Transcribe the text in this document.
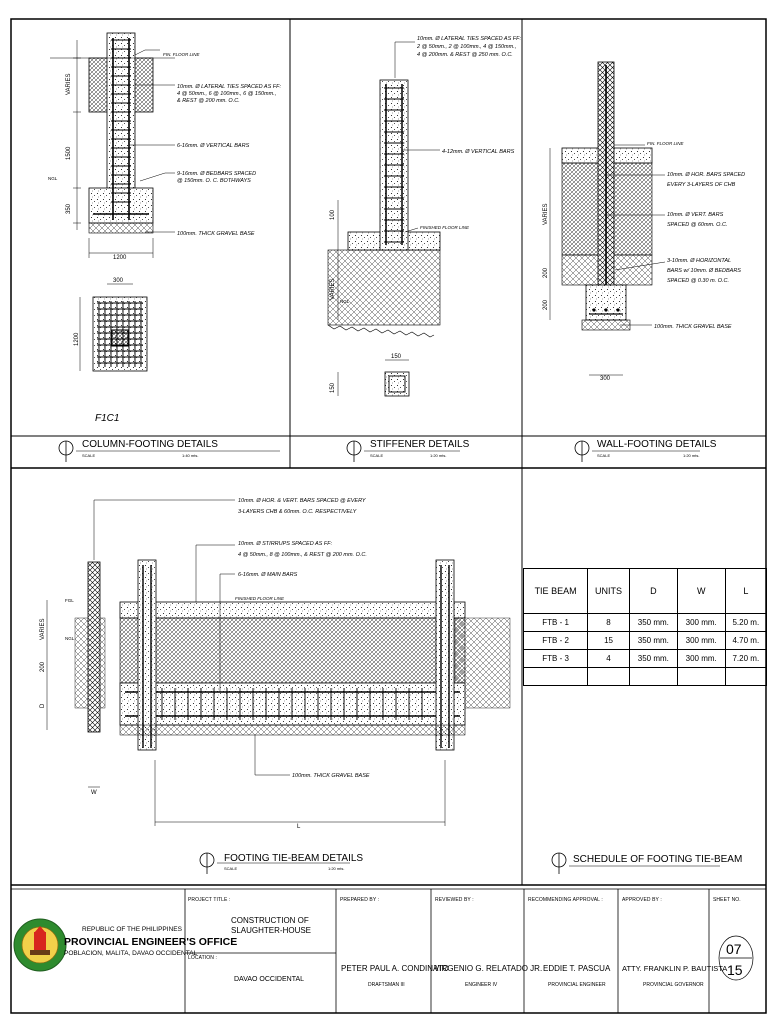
FIN. FLOOR LINE
NGL
10mm. Ø LATERAL TIES SPACED AS FF:
4 @ 50mm., 6 @ 100mm., 6 @ 150mm.,
& REST @ 200 mm. O.C.
6-16mm. Ø VERTICAL BARS
9-16mm. Ø BEDBARS SPACED
@ 150mm. O. C. BOTHWAYS
100mm. THICK GRAVEL BASE
VARIES
1500
350
1200
300
1200
F1C1
10mm. Ø LATERAL TIES SPACED AS FF:
2 @ 50mm., 2 @ 100mm., 4 @ 150mm.,
4 @ 200mm. & REST @ 250 mm. O.C.
4-12mm. Ø VERTICAL BARS
FINISHED FLOOR LINE
NGL
100
VARIES
150
150
FIN. FLOOR LINE
10mm. Ø HOR. BARS SPACED
EVERY 3-LAYERS OF CHB
10mm. Ø VERT. BARS
SPACED @ 60mm. O.C.
3-10mm. Ø HORIZONTAL
BARS w/ 10mm. Ø BEDBARS
SPACED @ 0.30 m. O.C.
100mm. THICK GRAVEL BASE
VARIES
200
200
300
10mm. Ø HOR. & VERT. BARS SPACED @ EVERY
3-LAYERS CHB & 60mm. O.C. RESPECTIVELY
10mm. Ø STIRRUPS SPACED AS FF:
4 @ 50mm., 8 @ 100mm., & REST @ 200 mm. O.C.
6-16mm. Ø MAIN BARS
100mm. THICK GRAVEL BASE
FINISHED FLOOR LINE
FGL
NGL
VARIES
200
D
W
L
COLUMN-FOOTING DETAILS
SCALE	1:40 mts.
STIFFENER DETAILS
SCALE	1:20 mts.
WALL-FOOTING DETAILS
SCALE	1:20 mts.
FOOTING TIE-BEAM DETAILS
SCALE	1:20 mts.
SCHEDULE OF FOOTING TIE-BEAM
TIE BEAM	UNITS	D	W	L
FTB - 1	8	350 mm.	300 mm.	5.20 m.
FTB - 2	15	350 mm.	300 mm.	4.70 m.
FTB - 3	4	350 mm.	300 mm.	7.20 m.

REPUBLIC OF THE PHILIPPINES

PROVINCIAL ENGINEER'S OFFICE

POBLACION, MALITA, DAVAO OCCIDENTAL

PROJECT TITLE :

CONSTRUCTION OF

SLAUGHTER-HOUSE

LOCATION :

DAVAO OCCIDENTAL

PREPARED BY :

PETER PAUL A. CONDINATO

DRAFTSMAN III

REVIEWED BY :

VIRGENIO G. RELATADO JR.

ENGINEER IV

RECOMMENDING APPROVAL :

EDDIE T. PASCUA

PROVINCIAL ENGINEER

APPROVED BY :

ATTY. FRANKLIN P. BAUTISTA

PROVINCIAL GOVERNOR

SHEET NO.

07

15
